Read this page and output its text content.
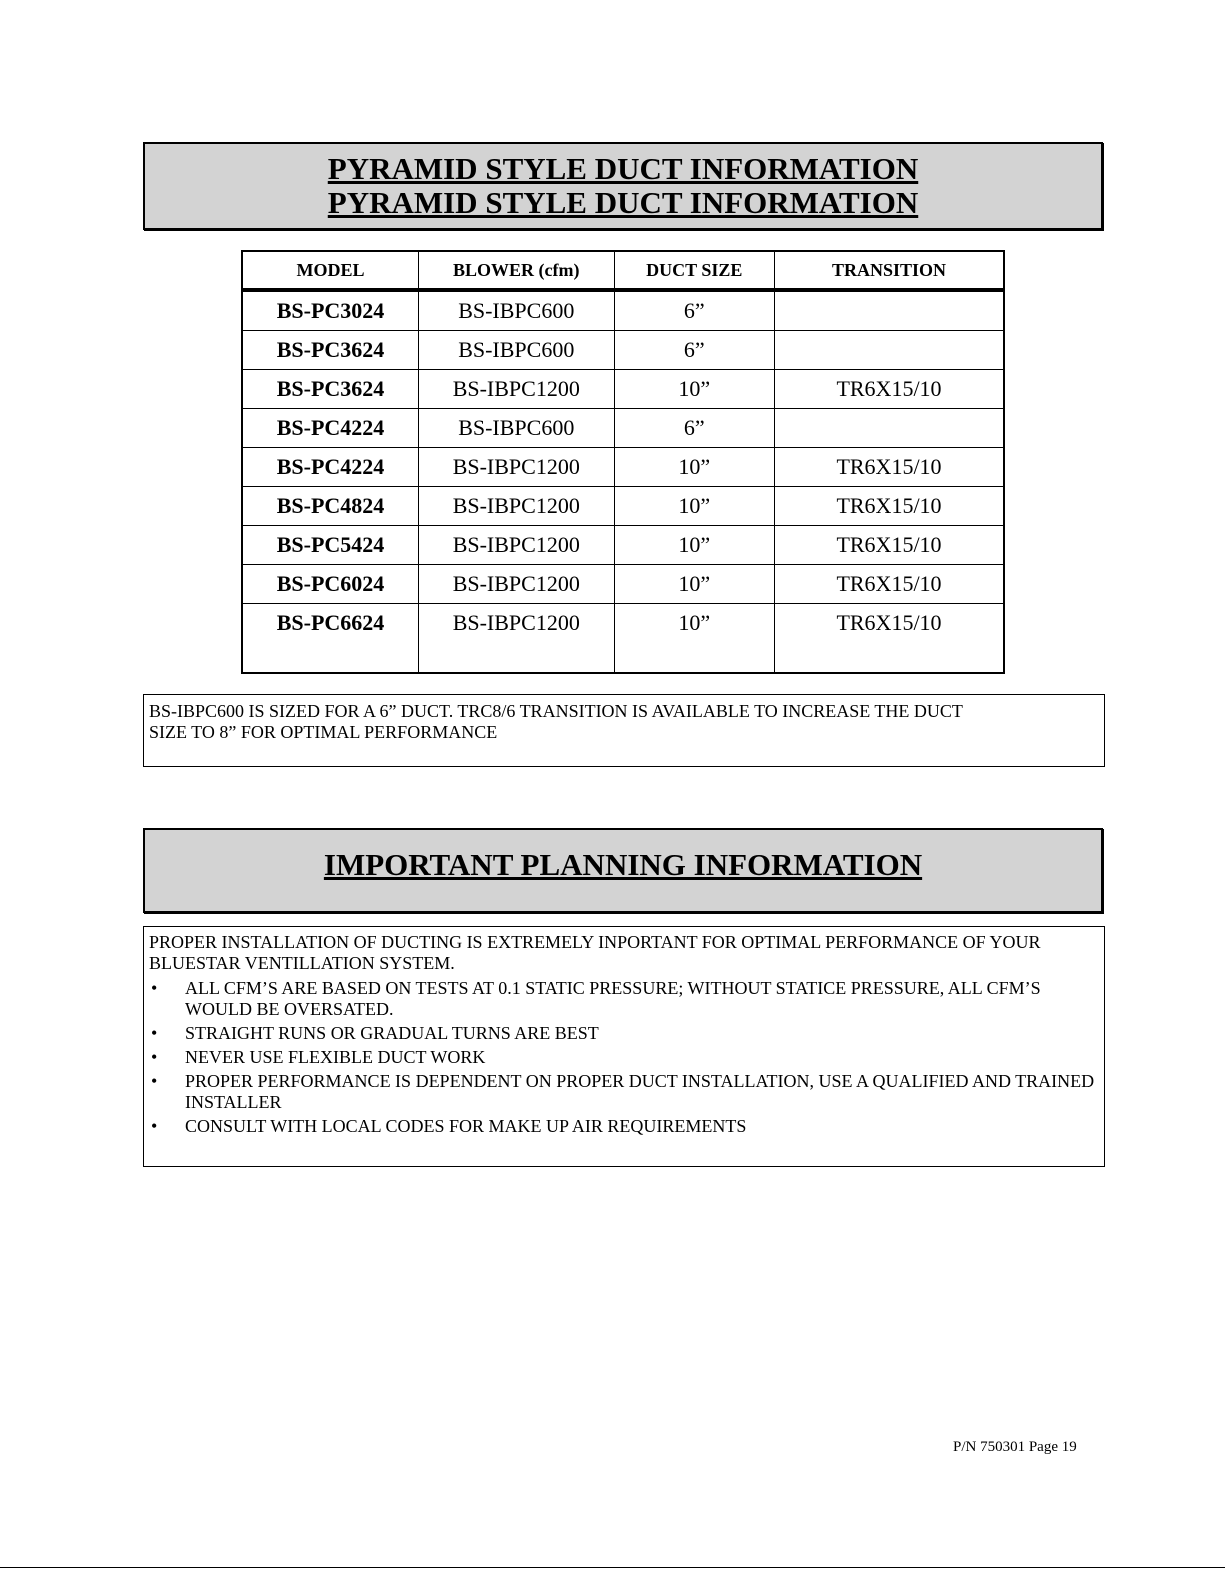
PYRAMID STYLE DUCT INFORMATION
PYRAMID STYLE DUCT INFORMATION
MODEL	BLOWER (cfm)	DUCT SIZE	TRANSITION
BS-PC3024	BS-IBPC600	6”	
BS-PC3624	BS-IBPC600	6”	
BS-PC3624	BS-IBPC1200	10”	TR6X15/10
BS-PC4224	BS-IBPC600	6”	
BS-PC4224	BS-IBPC1200	10”	TR6X15/10
BS-PC4824	BS-IBPC1200	10”	TR6X15/10
BS-PC5424	BS-IBPC1200	10”	TR6X15/10
BS-PC6024	BS-IBPC1200	10”	TR6X15/10
BS-PC6624	BS-IBPC1200	10”	TR6X15/10
BS-IBPC600 IS SIZED FOR A 6” DUCT. TRC8/6 TRANSITION IS AVAILABLE TO INCREASE THE DUCT
SIZE TO 8” FOR OPTIMAL PERFORMANCE
IMPORTANT PLANNING INFORMATION
PROPER INSTALLATION OF DUCTING IS EXTREMELY INPORTANT FOR OPTIMAL PERFORMANCE OF YOUR BLUESTAR VENTILLATION SYSTEM.
• ALL CFM’S ARE BASED ON TESTS AT 0.1 STATIC PRESSURE; WITHOUT STATICE PRESSURE, ALL CFM’S WOULD BE OVERSATED.
• STRAIGHT RUNS OR GRADUAL TURNS ARE BEST
• NEVER USE FLEXIBLE DUCT WORK
• PROPER PERFORMANCE IS DEPENDENT ON PROPER DUCT INSTALLATION, USE A QUALIFIED AND TRAINED INSTALLER
• CONSULT WITH LOCAL CODES FOR MAKE UP AIR REQUIREMENTS
P/N 750301 Page 19
